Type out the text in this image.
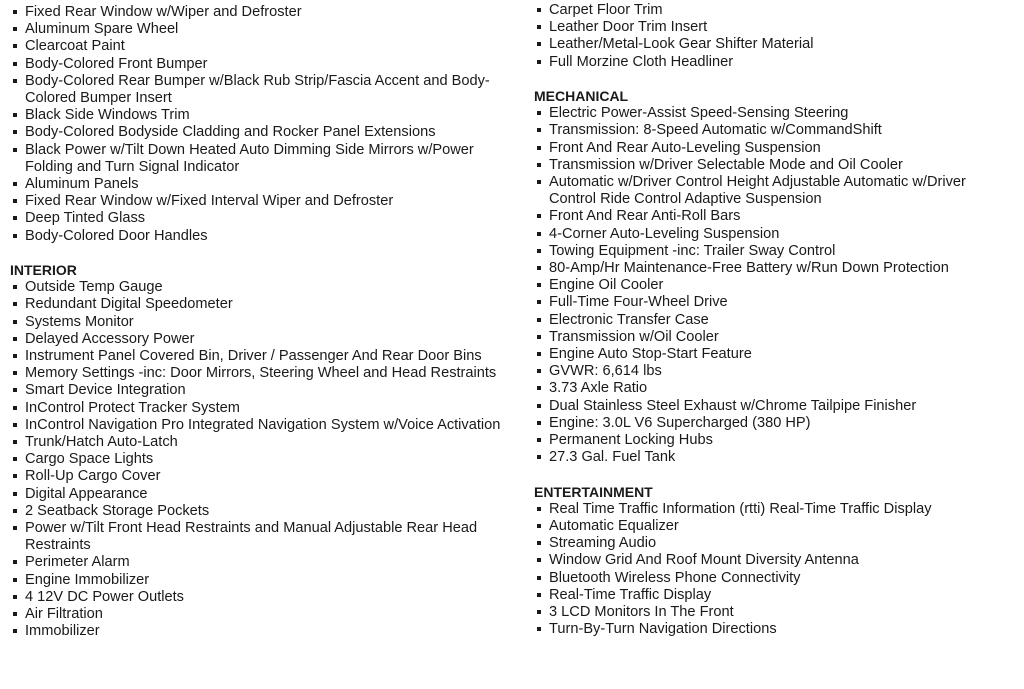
Fixed Rear Window w/Wiper and Defroster
Aluminum Spare Wheel
Clearcoat Paint
Body-Colored Front Bumper
Body-Colored Rear Bumper w/Black Rub Strip/Fascia Accent and Body-Colored Bumper Insert
Black Side Windows Trim
Body-Colored Bodyside Cladding and Rocker Panel Extensions
Black Power w/Tilt Down Heated Auto Dimming Side Mirrors w/Power Folding and Turn Signal Indicator
Aluminum Panels
Fixed Rear Window w/Fixed Interval Wiper and Defroster
Deep Tinted Glass
Body-Colored Door Handles
INTERIOR
Outside Temp Gauge
Redundant Digital Speedometer
Systems Monitor
Delayed Accessory Power
Instrument Panel Covered Bin, Driver / Passenger And Rear Door Bins
Memory Settings -inc: Door Mirrors, Steering Wheel and Head Restraints
Smart Device Integration
InControl Protect Tracker System
InControl Navigation Pro Integrated Navigation System w/Voice Activation
Trunk/Hatch Auto-Latch
Cargo Space Lights
Roll-Up Cargo Cover
Digital Appearance
2 Seatback Storage Pockets
Power w/Tilt Front Head Restraints and Manual Adjustable Rear Head Restraints
Perimeter Alarm
Engine Immobilizer
4 12V DC Power Outlets
Air Filtration
Immobilizer
Carpet Floor Trim
Leather Door Trim Insert
Leather/Metal-Look Gear Shifter Material
Full Morzine Cloth Headliner
MECHANICAL
Electric Power-Assist Speed-Sensing Steering
Transmission: 8-Speed Automatic w/CommandShift
Front And Rear Auto-Leveling Suspension
Transmission w/Driver Selectable Mode and Oil Cooler
Automatic w/Driver Control Height Adjustable Automatic w/Driver Control Ride Control Adaptive Suspension
Front And Rear Anti-Roll Bars
4-Corner Auto-Leveling Suspension
Towing Equipment -inc: Trailer Sway Control
80-Amp/Hr Maintenance-Free Battery w/Run Down Protection
Engine Oil Cooler
Full-Time Four-Wheel Drive
Electronic Transfer Case
Transmission w/Oil Cooler
Engine Auto Stop-Start Feature
GVWR: 6,614 lbs
3.73 Axle Ratio
Dual Stainless Steel Exhaust w/Chrome Tailpipe Finisher
Engine: 3.0L V6 Supercharged (380 HP)
Permanent Locking Hubs
27.3 Gal. Fuel Tank
ENTERTAINMENT
Real Time Traffic Information (rtti) Real-Time Traffic Display
Automatic Equalizer
Streaming Audio
Window Grid And Roof Mount Diversity Antenna
Bluetooth Wireless Phone Connectivity
Real-Time Traffic Display
3 LCD Monitors In The Front
Turn-By-Turn Navigation Directions
